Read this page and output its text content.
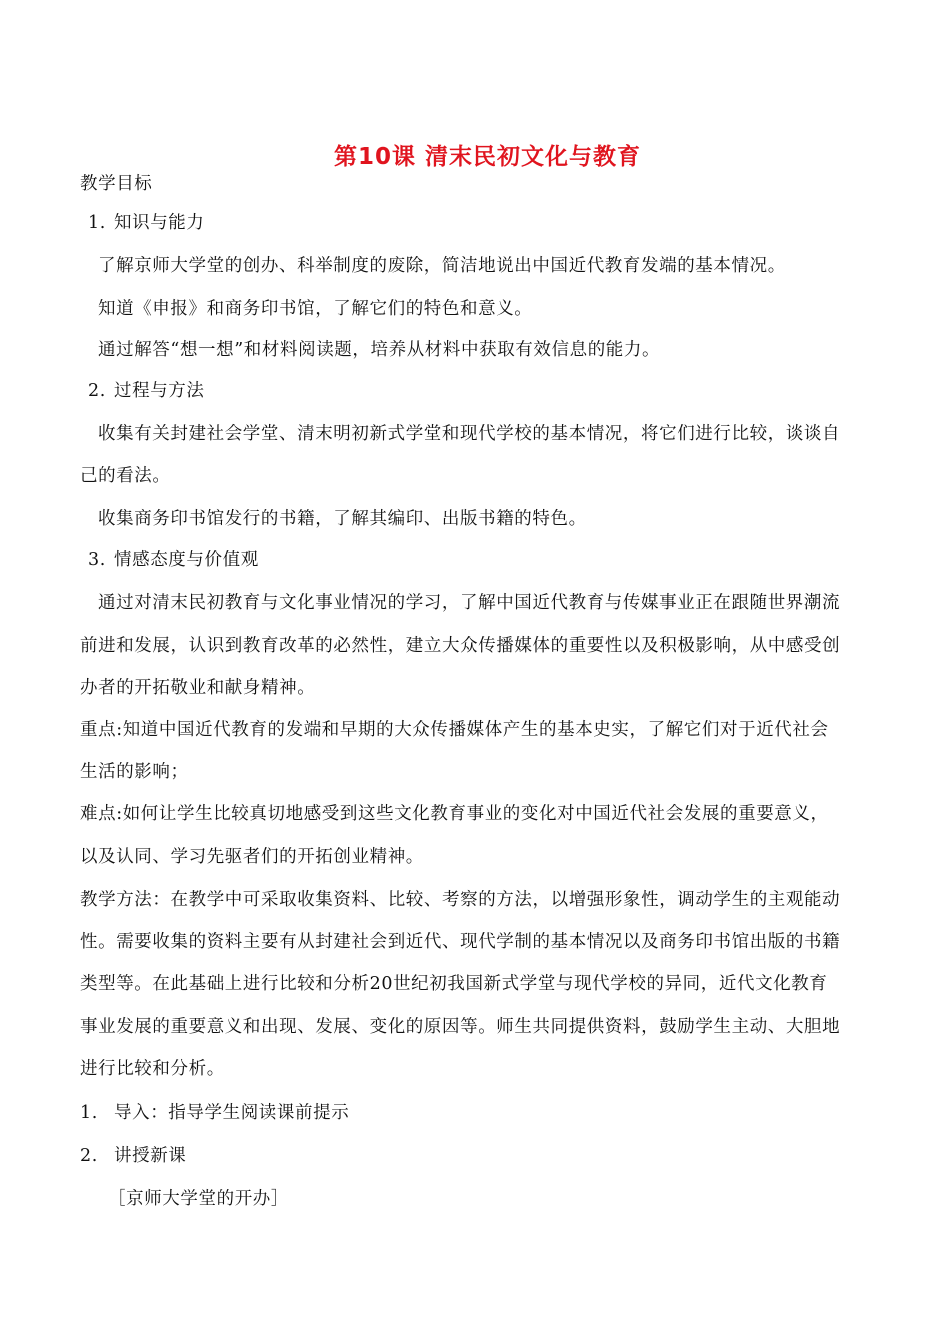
第10课 清末民初文化与教育
教学目标
1. 知识与能力
了解京师大学堂的创办、科举制度的废除，简洁地说出中国近代教育发端的基本情况。
知道《申报》和商务印书馆，了解它们的特色和意义。
通过解答“想一想”和材料阅读题，培养从材料中获取有效信息的能力。
2. 过程与方法
收集有关封建社会学堂、清末明初新式学堂和现代学校的基本情况，将它们进行比较，谈谈自
己的看法。
收集商务印书馆发行的书籍，了解其编印、出版书籍的特色。
3. 情感态度与价值观
通过对清末民初教育与文化事业情况的学习，了解中国近代教育与传媒事业正在跟随世界潮流
前进和发展，认识到教育改革的必然性，建立大众传播媒体的重要性以及积极影响，从中感受创
办者的开拓敬业和献身精神。
重点:知道中国近代教育的发端和早期的大众传播媒体产生的基本史实，了解它们对于近代社会
生活的影响；
难点:如何让学生比较真切地感受到这些文化教育事业的变化对中国近代社会发展的重要意义，
以及认同、学习先驱者们的开拓创业精神。
教学方法：在教学中可采取收集资料、比较、考察的方法，以增强形象性，调动学生的主观能动
性。需要收集的资料主要有从封建社会到近代、现代学制的基本情况以及商务印书馆出版的书籍
类型等。在此基础上进行比较和分析20世纪初我国新式学堂与现代学校的异同，近代文化教育
事业发展的重要意义和出现、发展、变化的原因等。师生共同提供资料，鼓励学生主动、大胆地
进行比较和分析。
1. 导入：指导学生阅读课前提示
2. 讲授新课
［京师大学堂的开办］
